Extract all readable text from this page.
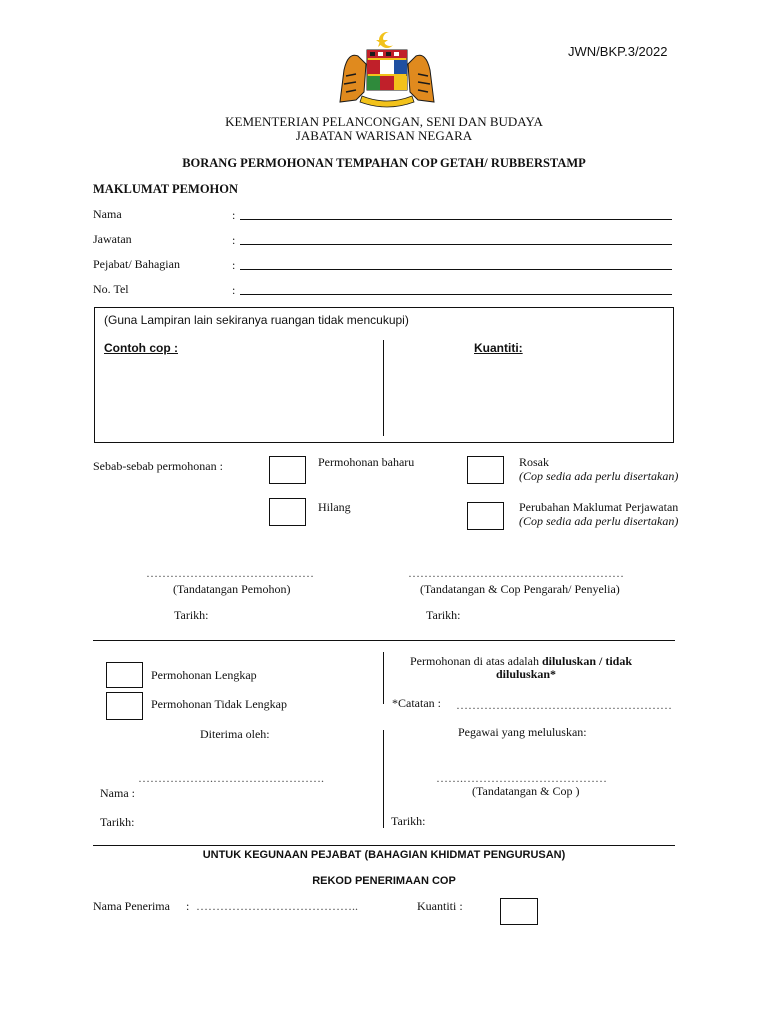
JWN/BKP.3/2022
KEMENTERIAN PELANCONGAN, SENI DAN BUDAYA
JABATAN WARISAN NEGARA
BORANG PERMOHONAN TEMPAHAN COP GETAH/ RUBBERSTAMP
MAKLUMAT PEMOHON
Nama	:
Jawatan	:
Pejabat/ Bahagian	:
No. Tel	:
(Guna Lampiran lain sekiranya ruangan tidak mencukupi)
Contoh cop :	Kuantiti:
Sebab-sebab permohonan :	Permohonan baharu	Rosak
(Cop sedia ada perlu disertakan)
Hilang	Perubahan Maklumat Perjawatan
(Cop sedia ada perlu disertakan)
……………………………………
(Tandatangan Pemohon)
Tarikh:
………………………………………………
(Tandatangan & Cop Pengarah/ Penyelia)
Tarikh:
Permohonan Lengkap
Permohonan Tidak Lengkap
Diterima oleh:
……………….……………………….
Nama :
Tarikh:
Permohonan di atas adalah diluluskan / tidak
diluluskan*
*Catatan : ………………………………………………
Pegawai yang meluluskan:
…….………………………………
(Tandatangan & Cop )
Tarikh:
UNTUK KEGUNAAN PEJABAT (BAHAGIAN KHIDMAT PENGURUSAN)
REKOD PENERIMAAN COP
Nama Penerima : …………………………………..	Kuantiti :
